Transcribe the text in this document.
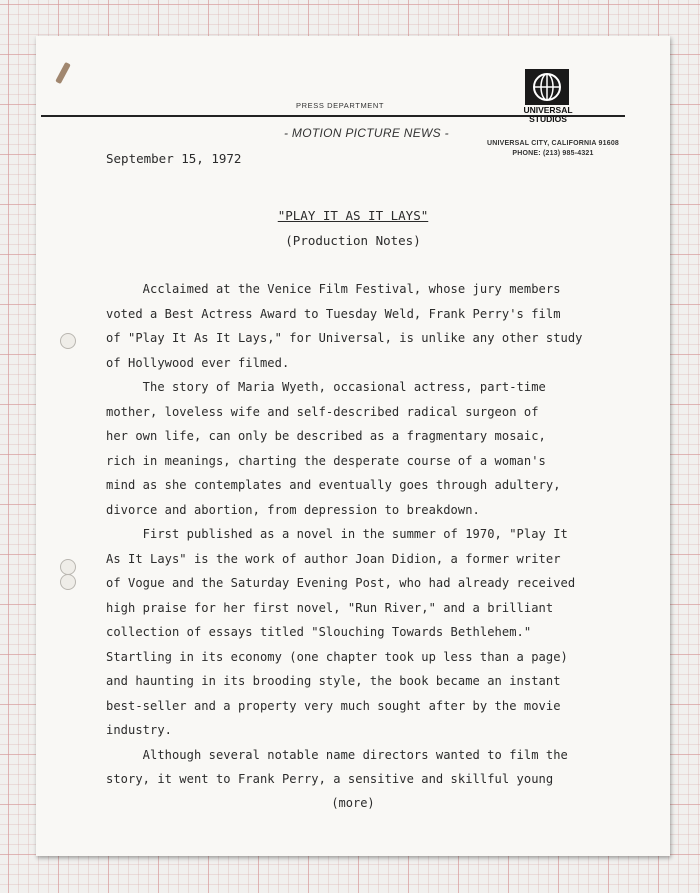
PRESS DEPARTMENT	UNIVERSAL
STUDIOS
- MOTION PICTURE NEWS -
UNIVERSAL CITY, CALIFORNIA 91608
PHONE: (213) 985-4321
September 15, 1972
"PLAY IT AS IT LAYS"
(Production Notes)
Acclaimed at the Venice Film Festival, whose jury members
voted a Best Actress Award to Tuesday Weld, Frank Perry's film
of "Play It As It Lays," for Universal, is unlike any other study
of Hollywood ever filmed.
The story of Maria Wyeth, occasional actress, part-time
mother, loveless wife and self-described radical surgeon of
her own life, can only be described as a fragmentary mosaic,
rich in meanings, charting the desperate course of a woman's
mind as she contemplates and eventually goes through adultery,
divorce and abortion, from depression to breakdown.
First published as a novel in the summer of 1970, "Play It
As It Lays" is the work of author Joan Didion, a former writer
of Vogue and the Saturday Evening Post, who had already received
high praise for her first novel, "Run River," and a brilliant
collection of essays titled "Slouching Towards Bethlehem."
Startling in its economy (one chapter took up less than a page)
and haunting in its brooding style, the book became an instant
best-seller and a property very much sought after by the movie
industry.
Although several notable name directors wanted to film the
story, it went to Frank Perry, a sensitive and skillful young
(more)
